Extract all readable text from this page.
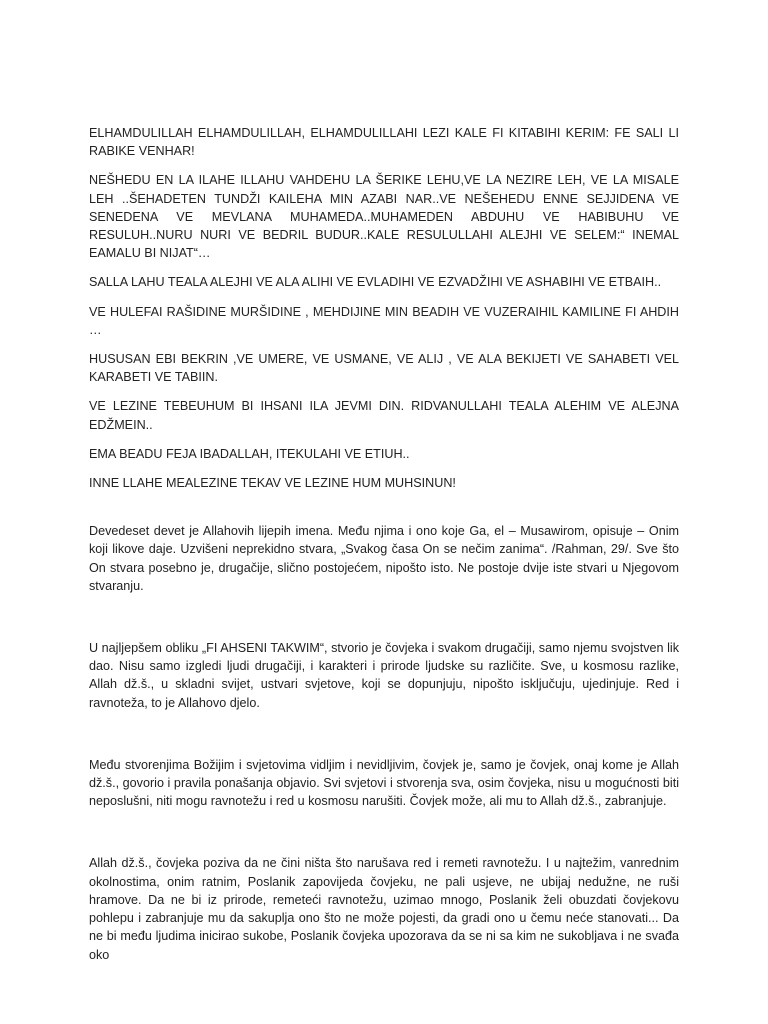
ELHAMDULILLAH ELHAMDULILLAH, ELHAMDULILLAHI LEZI KALE FI KITABIHI KERIM: FE SALI LI RABIKE VENHAR!

NEŠHEDU EN LA ILAHE ILLAHU VAHDEHU LA ŠERIKE LEHU,VE LA NEZIRE LEH, VE LA MISALE LEH ..ŠEHADETEN TUNDŽI KAILEHA MIN AZABI NAR..VE NEŠEHEDU ENNE SEJJIDENA VE SENEDENA VE MEVLANA MUHAMEDA..MUHAMEDEN ABDUHU VE HABIBUHU VE RESULUH..NURU NURI VE BEDRIL BUDUR..KALE RESULULLAHI ALEJHI VE SELEM:“ INEMAL EAMALU BI NIJAT“…

SALLA LAHU TEALA ALEJHI VE ALA ALIHI VE EVLADIHI VE EZVADŽIHI VE ASHABIHI VE ETBAIH..

VE HULEFAI RAŠIDINE MURŠIDINE , MEHDIJINE MIN BEADIH VE VUZERAIHIL KAMILINE FI AHDIH …

HUSUSAN EBI BEKRIN ,VE UMERE, VE USMANE, VE ALIJ , VE ALA BEKIJETI VE SAHABETI VEL KARABETI VE TABIIN.

VE LEZINE TEBEUHUM BI IHSANI ILA JEVMI DIN. RIDVANULLAHI TEALA ALEHIM VE ALEJNA EDŽMEIN..

EMA BEADU FEJA IBADALLAH, ITEKULAHI VE ETIUH..

INNE LLAHE MEALEZINE TEKAV VE LEZINE HUM MUHSINUN!

Devedeset devet je Allahovih lijepih imena. Među njima i ono koje Ga, el – Musawirom, opisuje – Onim koji likove daje. Uzvišeni neprekidno stvara, „Svakog časa On se nečim zanima“. /Rahman, 29/. Sve što On stvara posebno je, drugačije, slično postojećem, nipošto isto. Ne postoje dvije iste stvari u Njegovom stvaranju.

U najljepšem obliku „FI AHSENI TAKWIM“, stvorio je čovjeka i svakom drugačiji, samo njemu svojstven lik dao. Nisu samo izgledi ljudi drugačiji, i karakteri i prirode ljudske su različite. Sve, u kosmosu razlike, Allah dž.š., u skladni svijet, ustvari svjetove, koji se dopunjuju, nipošto isključuju, ujedinjuje. Red i ravnoteža, to je Allahovo djelo.

Među stvorenjima Božijim i svjetovima vidljim i nevidljivim, čovjek je, samo je čovjek, onaj kome je Allah dž.š., govorio i pravila ponašanja objavio. Svi svjetovi i stvorenja sva, osim čovjeka, nisu u mogućnosti biti neposlušni, niti mogu ravnotežu i red u kosmosu narušiti. Čovjek može, ali mu to Allah dž.š., zabranjuje.

Allah dž.š., čovjeka poziva da ne čini ništa što narušava red i remeti ravnotežu. I u najtežim, vanrednim okolnostima, onim ratnim, Poslanik zapovijeda čovjeku, ne pali usjeve, ne ubijaj nedužne, ne ruši hramove. Da ne bi iz prirode, remeteći ravnotežu, uzimao mnogo, Poslanik želi obuzdati čovjekovu pohlepu i zabranjuje mu da sakuplja ono što ne može pojesti, da gradi ono u čemu neće stanovati... Da ne bi među ljudima inicirao sukobe, Poslanik čovjeka upozorava da se ni sa kim ne sukobljava i ne svađa oko
